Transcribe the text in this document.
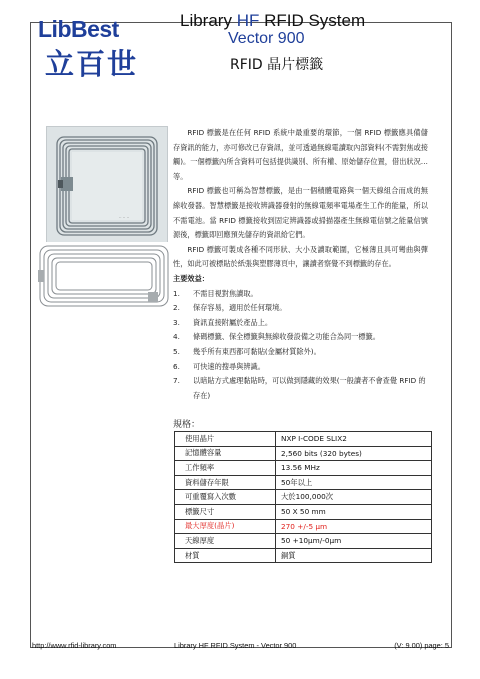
LibBest
立百世
Library HF RFID System
Vector 900
RFID 晶片標籤
·· ·· ··

RFID 標籤是在任何 RFID 系統中最重要的環節，一個 RFID 標籤應具備儲存資訊的能力，亦可修改已存資訊，並可透過無線電讀取內部資料(不需對焦或接觸)。一個標籤內所含資料可包括提供識別、所有權、原始儲存位置，借出狀況…等。

RFID 標籤也可稱為智慧標籤，是由一個積體電路與一個天線組合而成的無線收發器。智慧標籤是接收辨識器發射的無線電頻率電場產生工作的能量，所以不需電池。當 RFID 標籤接收到固定辨識器或掃描器產生無線電信號之能量信號源後，標籤即回應預先儲存的資訊給它們。

RFID 標籤可製成各種不同形狀、大小及讀取範圍，它極薄且具可彎曲與彈性，如此可被標貼於紙張與塑膠薄頁中，讓讀者察覺不到標籤的存在。

主要效益：
1.	不需目視對焦讀取。
2.	保存容易，適用於任何環境。
3.	資訊直接附屬於產品上。
4.	條碼標籤、保全標籤與無線收發設備之功能合為同一標籤。
5.	幾乎所有東西都可黏貼(金屬材質除外)。
6.	可快速的搜尋與辨識。
7.	以暗貼方式處理黏貼時，可以做到隱藏的效果(一般讀者不會查覺 RFID 的存在)
規格：
使用晶片	NXP I-CODE SLIX2
記憶體容量	2,560 bits (320 bytes)
工作頻率	13.56 MHz
資料儲存年限	50年以上
可重覆寫入次數	大於100,000次
標籤尺寸	50 X 50 mm
最大厚度(晶片)	270 +/-5 μm
天線厚度	50 +10μm/-0μm
材質	銅質
http://www.rfid-library.com	Library HF RFID System - Vector 900	(V: 9.00) page: 5
